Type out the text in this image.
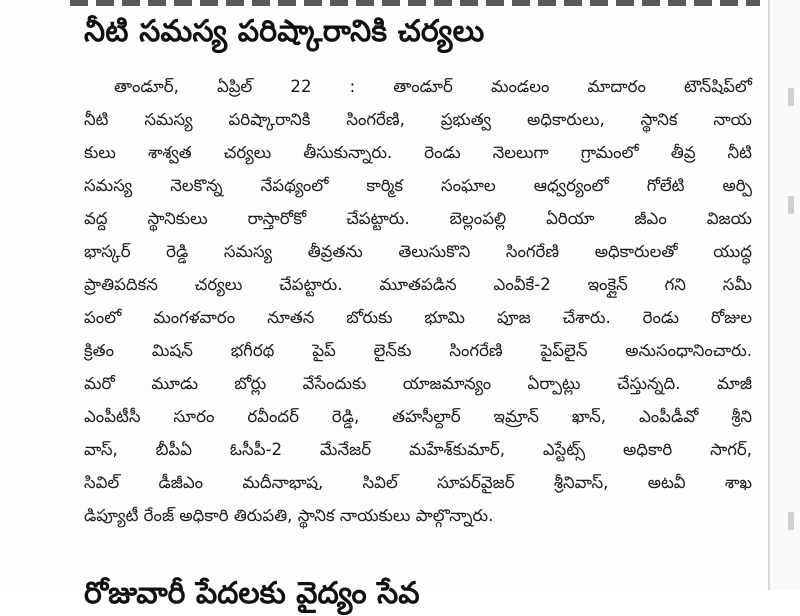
నీటి సమస్య పరిష్కారానికి చర్యలు
తాండూర్, ఏప్రిల్ 22 : తాండూర్ మండలం మాదారం టౌన్‌షిప్‌లో
నీటి సమస్య పరిష్కారానికి సింగరేణి, ప్రభుత్వ అధికారులు, స్థానిక నాయ
కులు శాశ్వత చర్యలు తీసుకున్నారు. రెండు నెలలుగా గ్రామంలో తీవ్ర నీటి
సమస్య నెలకొన్న నేపథ్యంలో కార్మిక సంఘాల ఆధ్వర్యంలో గోలేటి అర్పి
వద్ద స్థానికులు రాస్తారోకో చేపట్టారు. బెల్లంపల్లి ఏరియా జీఎం విజయ
భాస్కర్ రెడ్డి సమస్య తీవ్రతను తెలుసుకొని సింగరేణి అధికారులతో యుద్ధ
ప్రాతిపదికన చర్యలు చేపట్టారు. మూతపడిన ఎంవీకే-2 ఇంక్లైన్ గని సమీ
పంలో మంగళవారం నూతన బోరుకు భూమి పూజ చేశారు. రెండు రోజుల
క్రితం మిషన్ భగీరథ పైప్ లైన్‌కు సింగరేణి పైప్‌లైన్ అనుసంధానించారు.
మరో మూడు బోర్లు వేసేందుకు యాజమాన్యం ఏర్పాట్లు చేస్తున్నది. మాజీ
ఎంపీటీసీ సూరం రవీందర్ రెడ్డి, తహసీల్దార్ ఇమ్రాన్ ఖాన్, ఎంపీడీవో శ్రీని
వాస్, బీపీఏ ఓసీపీ-2 మేనేజర్ మహేశ్‌కుమార్, ఎస్టేట్స్ అధికారి సాగర్,
సివిల్ డీజీఎం మదీనాభాష, సివిల్ సూపర్‌వైజర్ శ్రీనివాస్, అటవీ శాఖ
డిప్యూటీ రేంజ్ అధికారి తిరుపతి, స్థానిక నాయకులు పాల్గొన్నారు.
రోజువారీ పేదలకు వైద్యం సేవ
